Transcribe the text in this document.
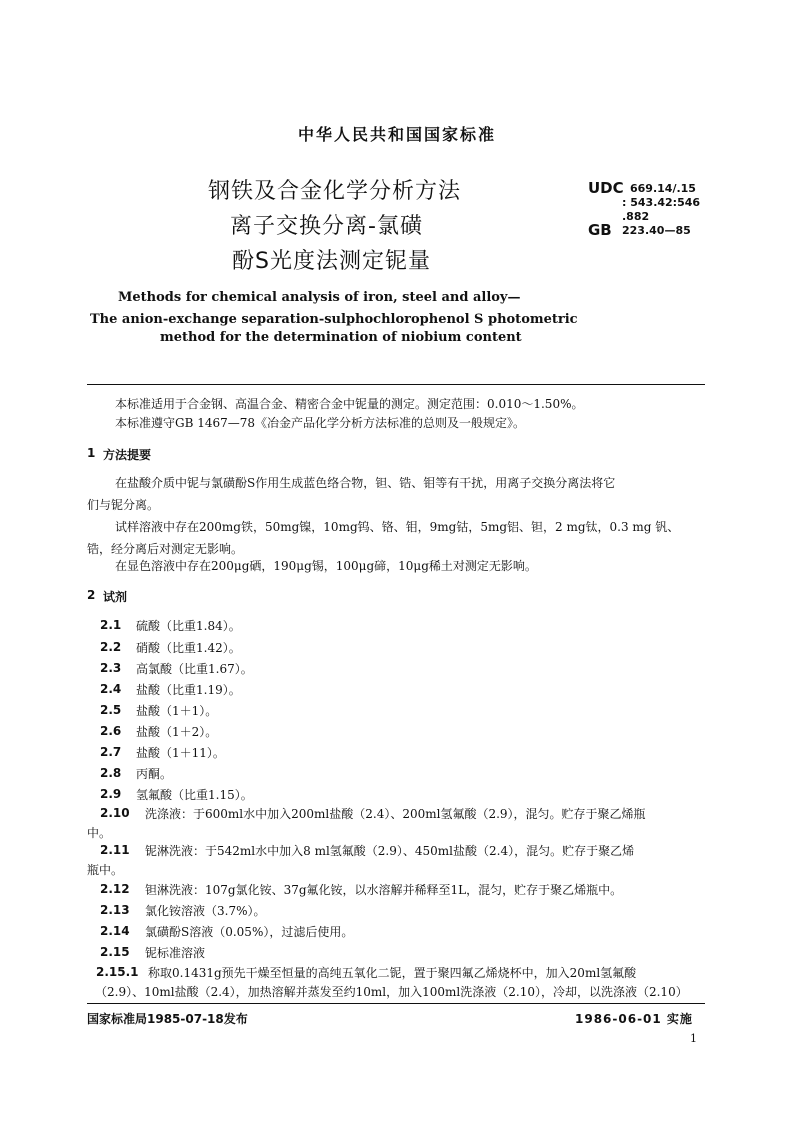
中华人民共和国国家标准
钢铁及合金化学分析方法
离子交换分离-氯磺
酚S光度法测定铌量
UDC 669.14/.15
: 543.42:546
.882
GB 223.40—85
Methods for chemical analysis of iron, steel and alloy—
The anion-exchange separation-sulphochlorophenol S photometric
method for the determination of niobium content
本标准适用于合金钢、高温合金、精密合金中铌量的测定。测定范围：0.010～1.50%。
本标准遵守GB 1467—78《冶金产品化学分析方法标准的总则及一般规定》。
1 方法提要
在盐酸介质中铌与氯磺酚S作用生成蓝色络合物，钽、锆、钼等有干扰，用离子交换分离法将它
们与铌分离。
试样溶液中存在200mg铁，50mg镍，10mg钨、铬、钼，9mg钴，5mg铝、钽，2 mg钛，0.3 mg 钒、
锆，经分离后对测定无影响。
在显色溶液中存在200μg硒，190μg锡，100μg碲，10μg稀土对测定无影响。
2 试剂
2.1 硫酸（比重1.84）。
2.2 硝酸（比重1.42）。
2.3 高氯酸（比重1.67）。
2.4 盐酸（比重1.19）。
2.5 盐酸（1＋1）。
2.6 盐酸（1＋2）。
2.7 盐酸（1＋11）。
2.8 丙酮。
2.9 氢氟酸（比重1.15）。
2.10 洗涤液：于600ml水中加入200ml盐酸（2.4）、200ml氢氟酸（2.9），混匀。贮存于聚乙烯瓶
中。
2.11 铌淋洗液：于542ml水中加入8 ml氢氟酸（2.9）、450ml盐酸（2.4），混匀。贮存于聚乙烯
瓶中。
2.12 钽淋洗液：107g氯化铵、37g氟化铵，以水溶解并稀释至1L，混匀，贮存于聚乙烯瓶中。
2.13 氯化铵溶液（3.7%）。
2.14 氯磺酚S溶液（0.05%），过滤后使用。
2.15 铌标准溶液
2.15.1 称取0.1431g预先干燥至恒量的高纯五氧化二铌，置于聚四氟乙烯烧杯中，加入20ml氢氟酸
（2.9）、10ml盐酸（2.4），加热溶解并蒸发至约10ml，加入100ml洗涤液（2.10），冷却，以洗涤液（2.10）
国家标准局1985-07-18发布	1986-06-01 实施
1
